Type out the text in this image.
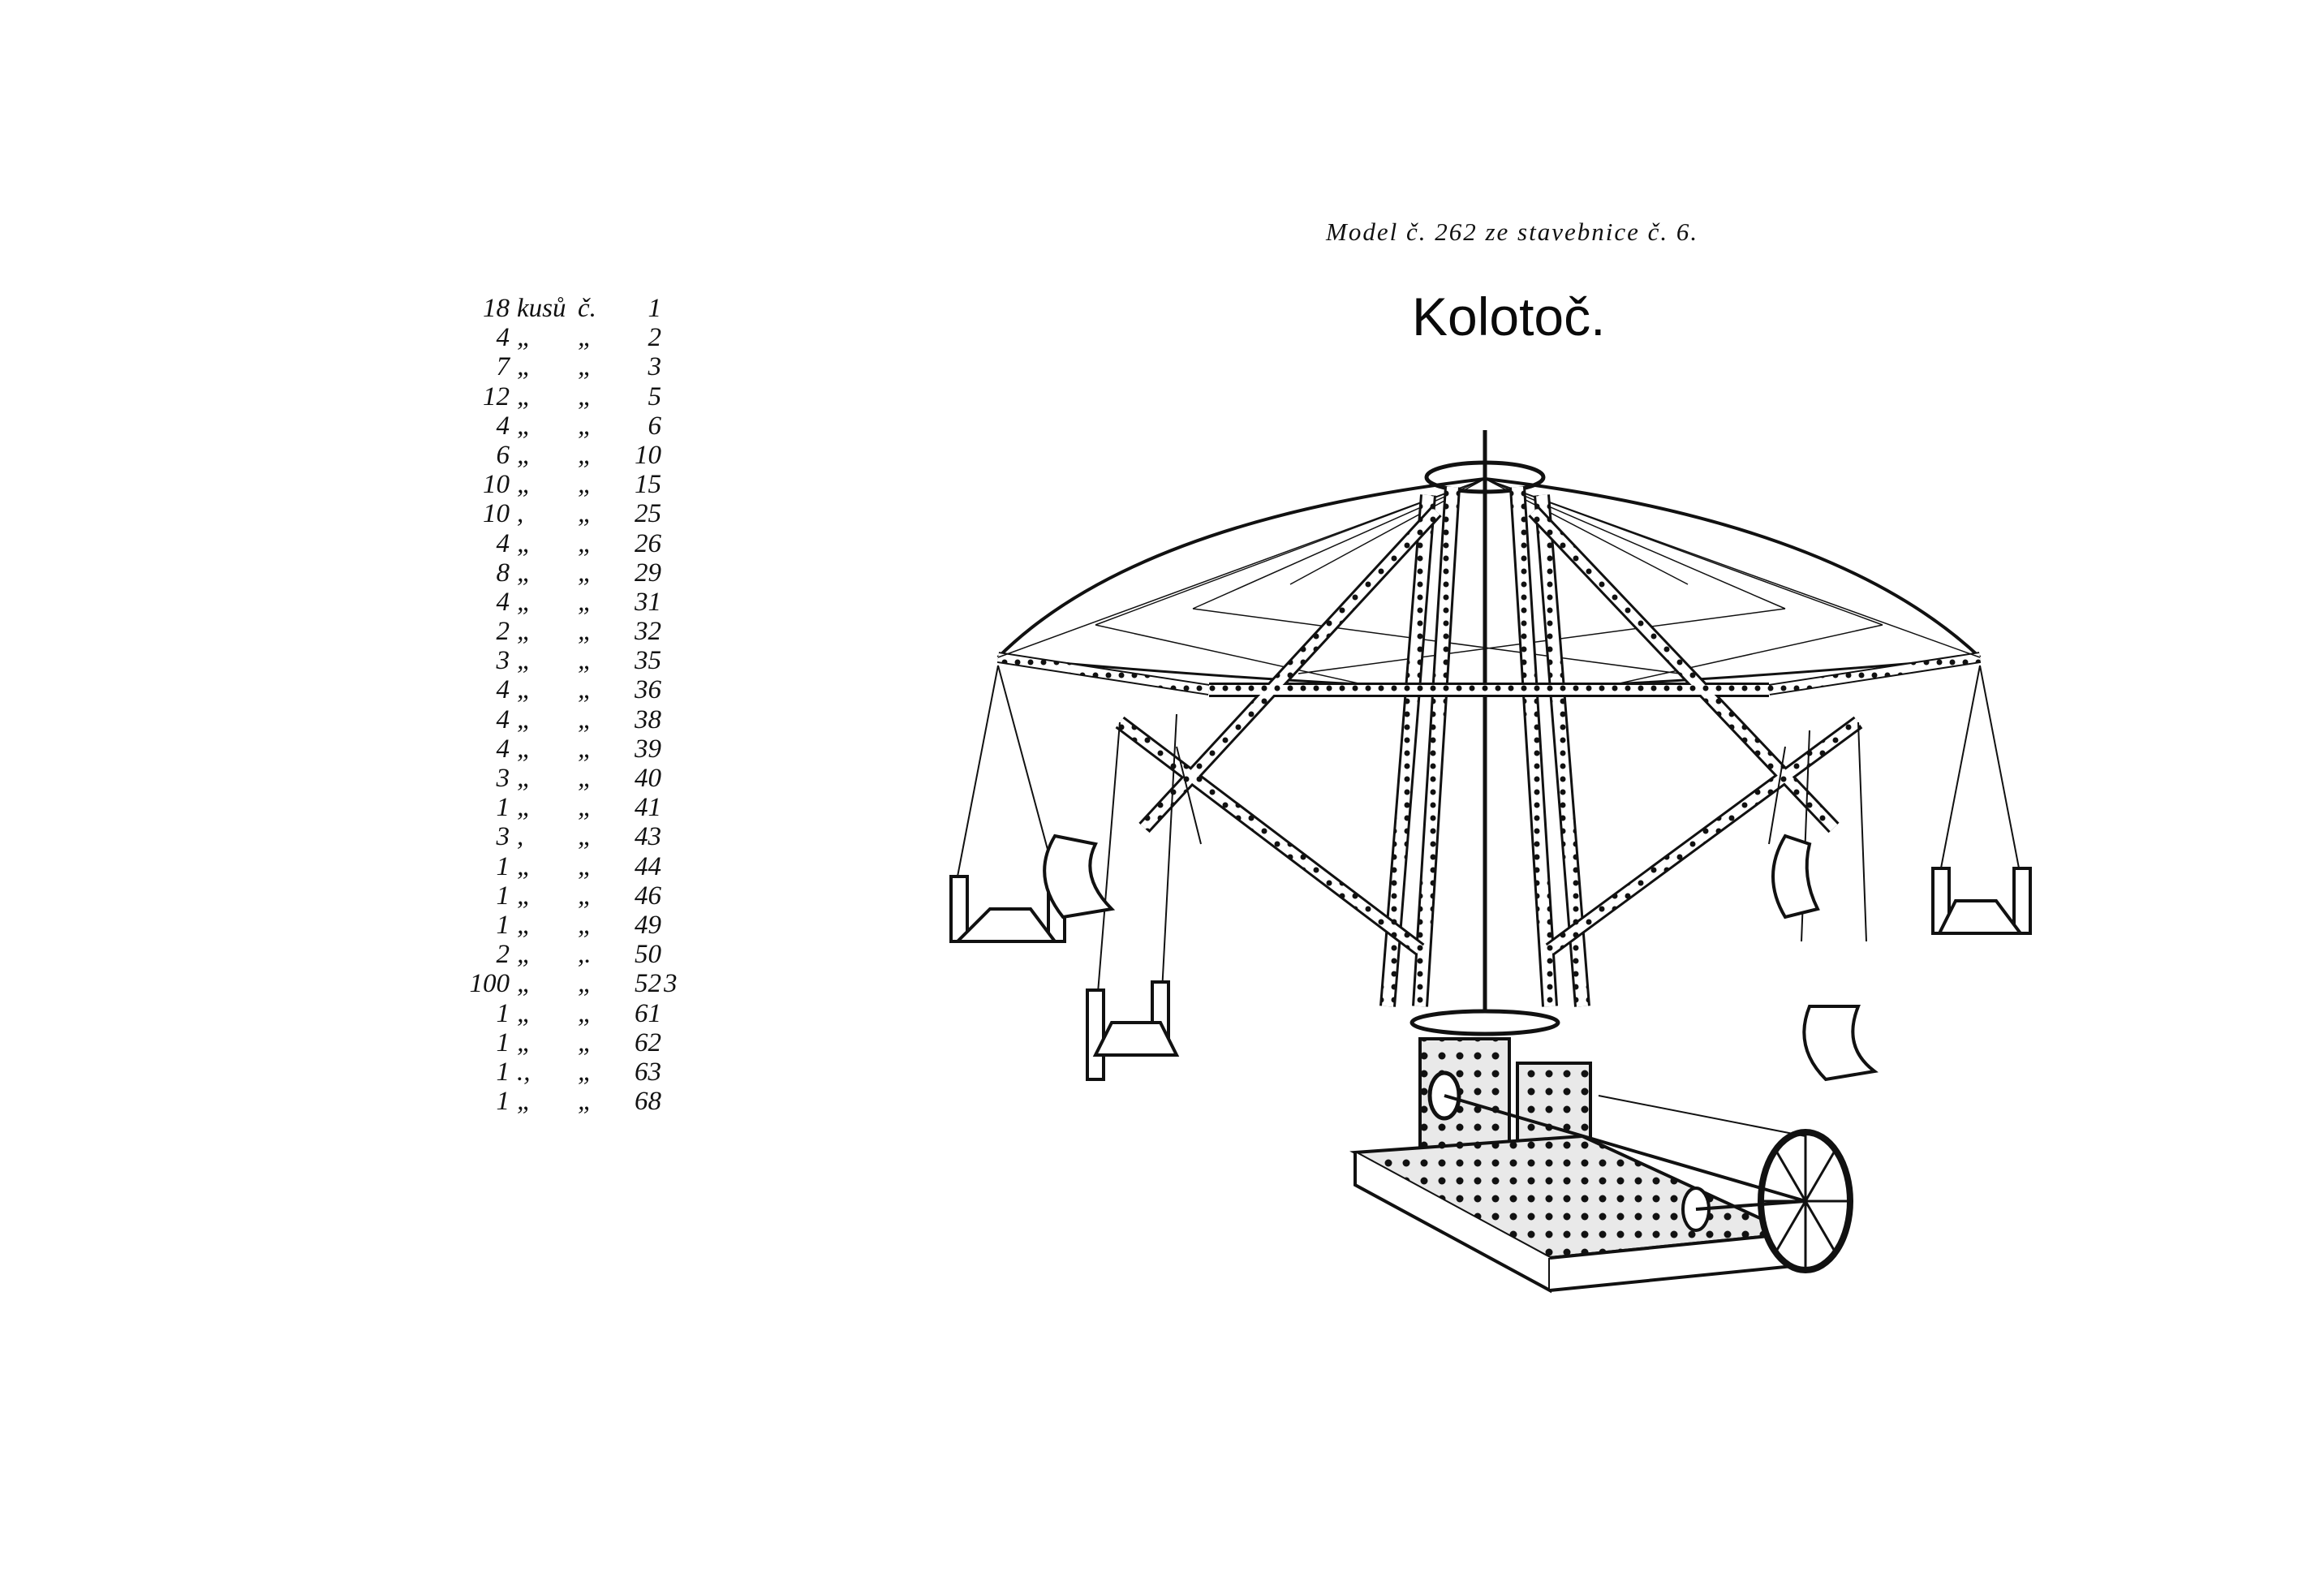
Model č. 262 ze stavebnice č. 6.
Kolotoč.
18 kusů č. 1
4 „ „ 2
7 „ „ 3
12 „ „ 5
4 „ „ 6
6 „ „ 10
10 „ „ 15
10 , „ 25
4 „ „ 26
8 „ „ 29
4 „ „ 31
2 „ „ 32
3 „ „ 35
4 „ „ 36
4 „ „ 38
4 „ „ 39
3 „ „ 40
1 „ „ 41
3 , „ 43
1 „ „ 44
1 „ „ 46
1 „ „ 49
2 „ ,. 50
100 „ „ 52 3
1 „ „ 61
1 „ „ 62
1 ., „ 63
1 „ „ 68
